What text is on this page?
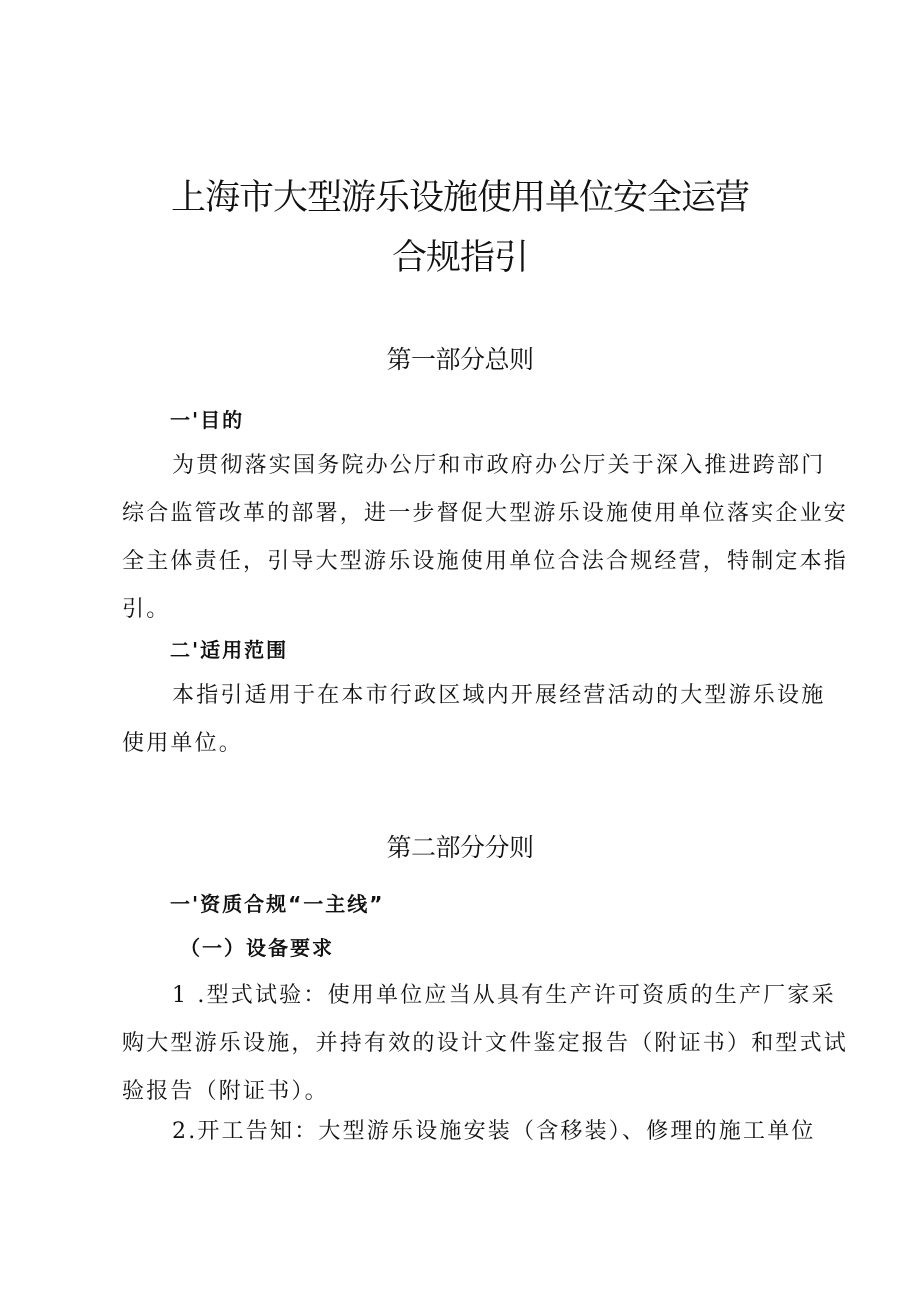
上海市大型游乐设施使用单位安全运营
合规指引
第一部分总则
一'目的
为贯彻落实国务院办公厅和市政府办公厅关于深入推进跨部门
综合监管改革的部署，进一步督促大型游乐设施使用单位落实企业安
全主体责任，引导大型游乐设施使用单位合法合规经营，特制定本指
引。
二'适用范围
本指引适用于在本市行政区域内开展经营活动的大型游乐设施
使用单位。
第二部分分则
一'资质合规“一主线”
（一）设备要求
1 .型式试验：使用单位应当从具有生产许可资质的生产厂家采
购大型游乐设施，并持有效的设计文件鉴定报告（附证书）和型式试
验报告（附证书）。
2.开工告知：大型游乐设施安装（含移装）、修理的施工单位
